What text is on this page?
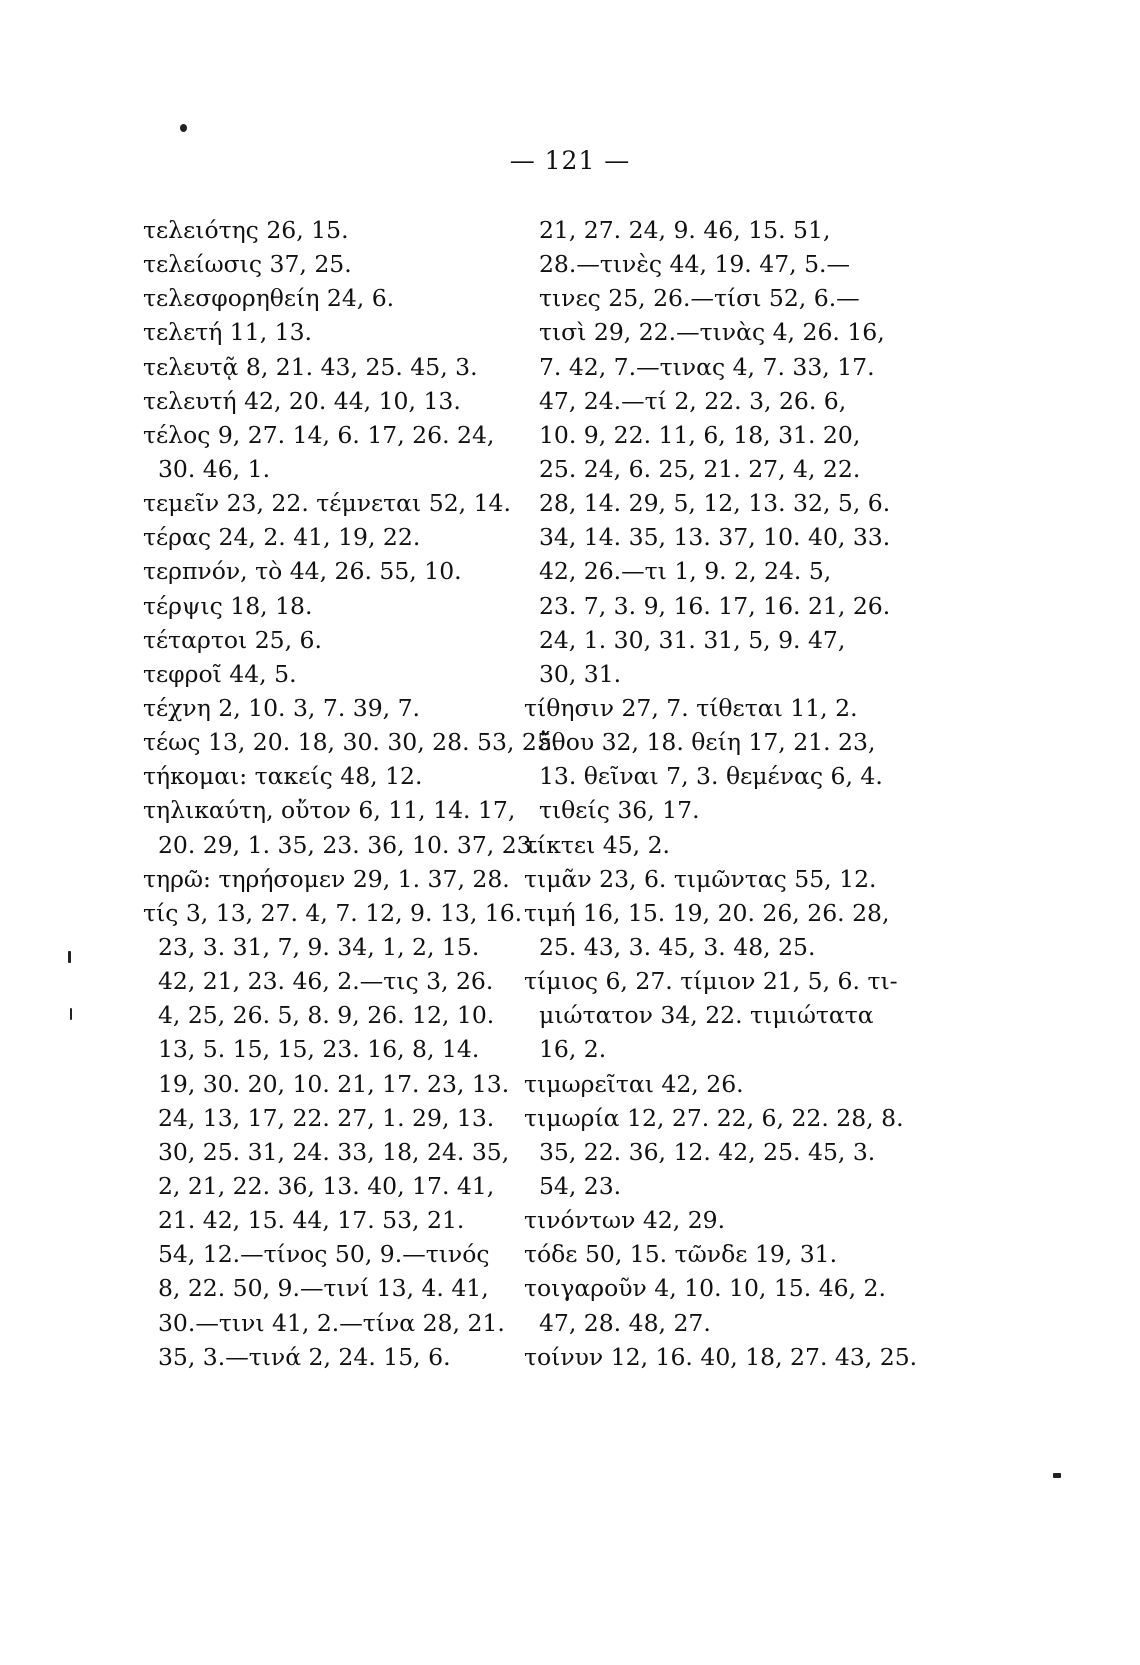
— 121 —
τελειότης 26, 15.
τελείωσις 37, 25.
τελεσφορηθείη 24, 6.
τελετή 11, 13.
τελευτᾷ 8, 21. 43, 25. 45, 3.
τελευτή 42, 20. 44, 10, 13.
τέλος 9, 27. 14, 6. 17, 26. 24,
30. 46, 1.
τεμεῖν 23, 22. τέμνεται 52, 14.
τέρας 24, 2. 41, 19, 22.
τερπνόν, τὸ 44, 26. 55, 10.
τέρψις 18, 18.
τέταρτοι 25, 6.
τεφροῖ 44, 5.
τέχνη 2, 10. 3, 7. 39, 7.
τέως 13, 20. 18, 30. 30, 28. 53, 25.
τήκομαι: τακείς 48, 12.
τηλικαύτη, οὔτον 6, 11, 14. 17,
20. 29, 1. 35, 23. 36, 10. 37, 23.
τηρῶ: τηρήσομεν 29, 1. 37, 28.
τίς 3, 13, 27. 4, 7. 12, 9. 13, 16.
23, 3. 31, 7, 9. 34, 1, 2, 15.
42, 21, 23. 46, 2.—τις 3, 26.
4, 25, 26. 5, 8. 9, 26. 12, 10.
13, 5. 15, 15, 23. 16, 8, 14.
19, 30. 20, 10. 21, 17. 23, 13.
24, 13, 17, 22. 27, 1. 29, 13.
30, 25. 31, 24. 33, 18, 24. 35,
2, 21, 22. 36, 13. 40, 17. 41,
21. 42, 15. 44, 17. 53, 21.
54, 12.—τίνος 50, 9.—τινός
8, 22. 50, 9.—τινί 13, 4. 41,
30.—τινι 41, 2.—τίνα 28, 21.
35, 3.—τινά 2, 24. 15, 6.
21, 27. 24, 9. 46, 15. 51,
28.—τινὲς 44, 19. 47, 5.—
τινες 25, 26.—τίσι 52, 6.—
τισὶ 29, 22.—τινὰς 4, 26. 16,
7. 42, 7.—τινας 4, 7. 33, 17.
47, 24.—τί 2, 22. 3, 26. 6,
10. 9, 22. 11, 6, 18, 31. 20,
25. 24, 6. 25, 21. 27, 4, 22.
28, 14. 29, 5, 12, 13. 32, 5, 6.
34, 14. 35, 13. 37, 10. 40, 33.
42, 26.—τι 1, 9. 2, 24. 5,
23. 7, 3. 9, 16. 17, 16. 21, 26.
24, 1. 30, 31. 31, 5, 9. 47,
30, 31.
τίθησιν 27, 7. τίθεται 11, 2.
ἔθου 32, 18. θείη 17, 21. 23,
13. θεῖναι 7, 3. θεμένας 6, 4.
τιθείς 36, 17.
τίκτει 45, 2.
τιμᾶν 23, 6. τιμῶντας 55, 12.
τιμή 16, 15. 19, 20. 26, 26. 28,
25. 43, 3. 45, 3. 48, 25.
τίμιος 6, 27. τίμιον 21, 5, 6. τι-
μιώτατον 34, 22. τιμιώτατα
16, 2.
τιμωρεῖται 42, 26.
τιμωρία 12, 27. 22, 6, 22. 28, 8.
35, 22. 36, 12. 42, 25. 45, 3.
54, 23.
τινόντων 42, 29.
τόδε 50, 15. τῶνδε 19, 31.
τοιγαροῦν 4, 10. 10, 15. 46, 2.
47, 28. 48, 27.
τοίνυν 12, 16. 40, 18, 27. 43, 25.
